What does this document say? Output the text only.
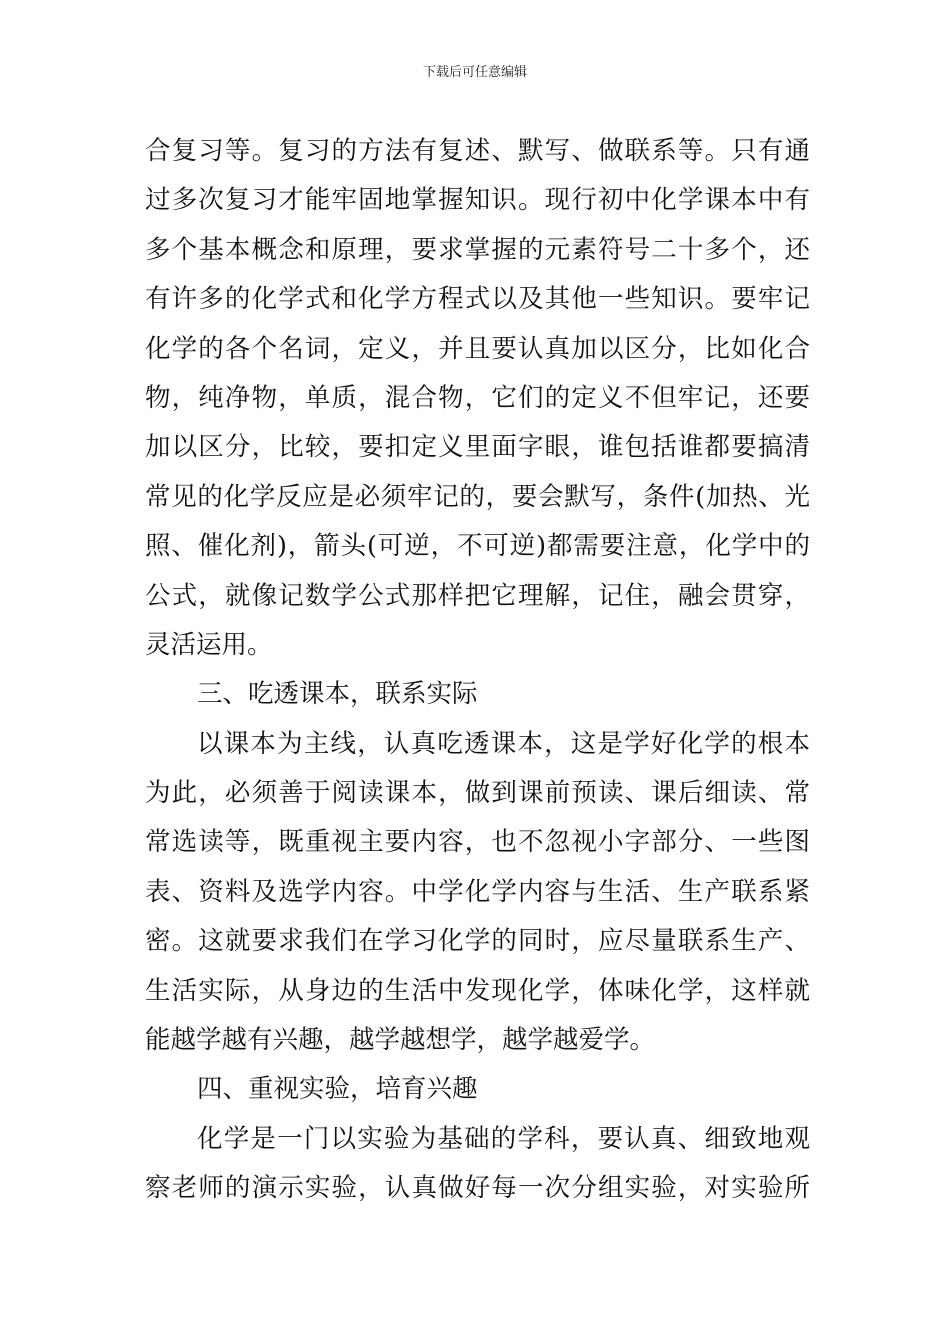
下载后可任意编辑
合复习等。复习的方法有复述、默写、做联系等。只有通
过多次复习才能牢固地掌握知识。现行初中化学课本中有
多个基本概念和原理，要求掌握的元素符号二十多个，还
有许多的化学式和化学方程式以及其他一些知识。要牢记
化学的各个名词，定义，并且要认真加以区分，比如化合
物，纯净物，单质，混合物，它们的定义不但牢记，还要
加以区分，比较，要扣定义里面字眼，谁包括谁都要搞清
常见的化学反应是必须牢记的，要会默写，条件(加热、光
照、催化剂)，箭头(可逆，不可逆)都需要注意，化学中的
公式，就像记数学公式那样把它理解，记住，融会贯穿，
灵活运用。
三、吃透课本，联系实际
以课本为主线，认真吃透课本，这是学好化学的根本
为此，必须善于阅读课本，做到课前预读、课后细读、常
常选读等，既重视主要内容，也不忽视小字部分、一些图
表、资料及选学内容。中学化学内容与生活、生产联系紧
密。这就要求我们在学习化学的同时，应尽量联系生产、
生活实际，从身边的生活中发现化学，体味化学，这样就
能越学越有兴趣，越学越想学，越学越爱学。
四、重视实验，培育兴趣
化学是一门以实验为基础的学科，要认真、细致地观
察老师的演示实验，认真做好每一次分组实验，对实验所
